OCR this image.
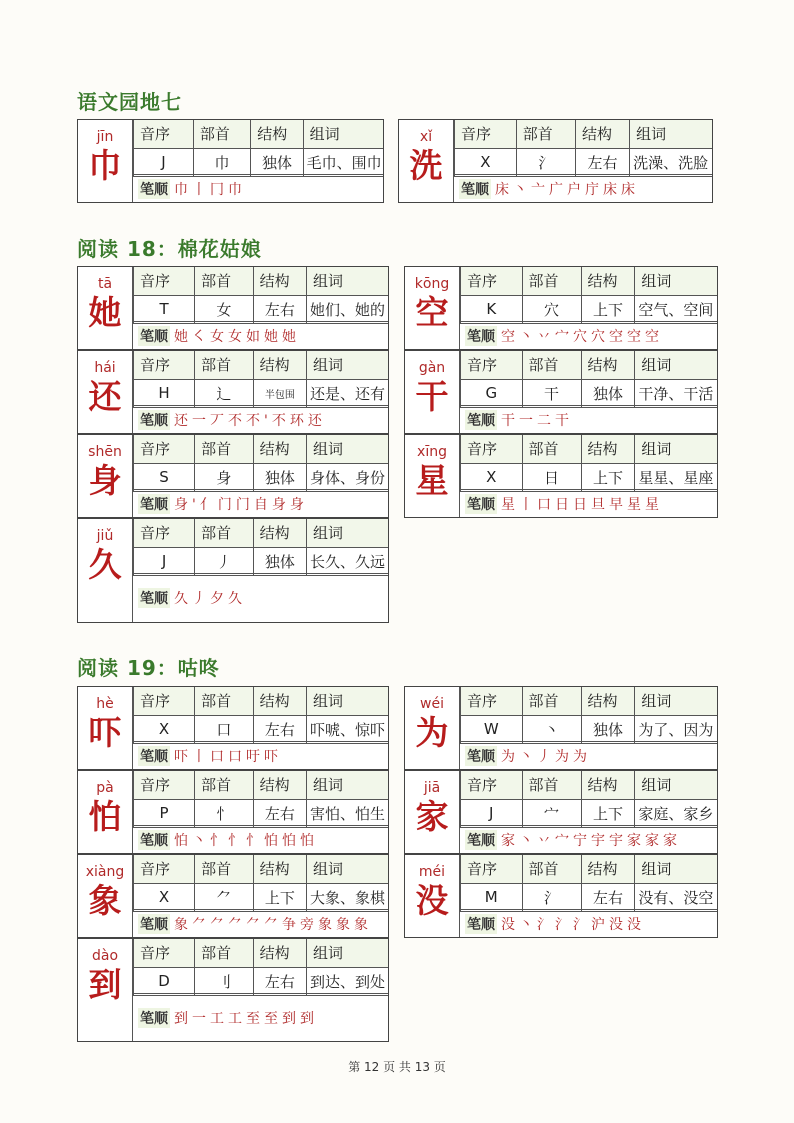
语文园地七
阅读 18：棉花姑娘
阅读 19：咕咚
jīn
巾
音序	部首	结构	组词
J	巾	独体	毛巾、围巾
笔顺 巾丨冂巾
xǐ
洗
音序	部首	结构	组词
X	氵	左右	洗澡、洗脸
笔顺 床丶亠广户庁床床
tā
她
音序	部首	结构	组词
T	女	左右	她们、她的
笔顺 她㇛女女如她她
hái
还
音序	部首	结构	组词
H	辶	半包围	还是、还有
笔顺 还一丆不不'不环还
shēn
身
音序	部首	结构	组词
S	身	独体	身体、身份
笔顺 身'亻门门自身身
jiǔ
久
音序	部首	结构	组词
J	丿	独体	长久、久远
笔顺 久丿夕久
kōng
空
音序	部首	结构	组词
K	穴	上下	空气、空间
笔顺 空丶丷宀穴穴空空空
gàn
干
音序	部首	结构	组词
G	干	独体	干净、干活
笔顺 干一二干
xīng
星
音序	部首	结构	组词
X	日	上下	星星、星座
笔顺 星丨口日日旦早星星
hè
吓
音序	部首	结构	组词
X	口	左右	吓唬、惊吓
笔顺 吓丨口口吁吓
pà
怕
音序	部首	结构	组词
P	忄	左右	害怕、怕生
笔顺 怕丶忄忄忄怕怕怕
xiàng
象
音序	部首	结构	组词
X	⺈	上下	大象、象棋
笔顺 象⺈⺈⺈⺈⺈争旁象象象
dào
到
音序	部首	结构	组词
D	刂	左右	到达、到处
笔顺 到一工工至至到到
wéi
为
音序	部首	结构	组词
W	丶	独体	为了、因为
笔顺 为丶丿为为
jiā
家
音序	部首	结构	组词
J	宀	上下	家庭、家乡
笔顺 家丶丷宀宁宇宇家家家
méi
没
音序	部首	结构	组词
M	氵	左右	没有、没空
笔顺 没丶氵氵氵沪没没
第 12 页 共 13 页
